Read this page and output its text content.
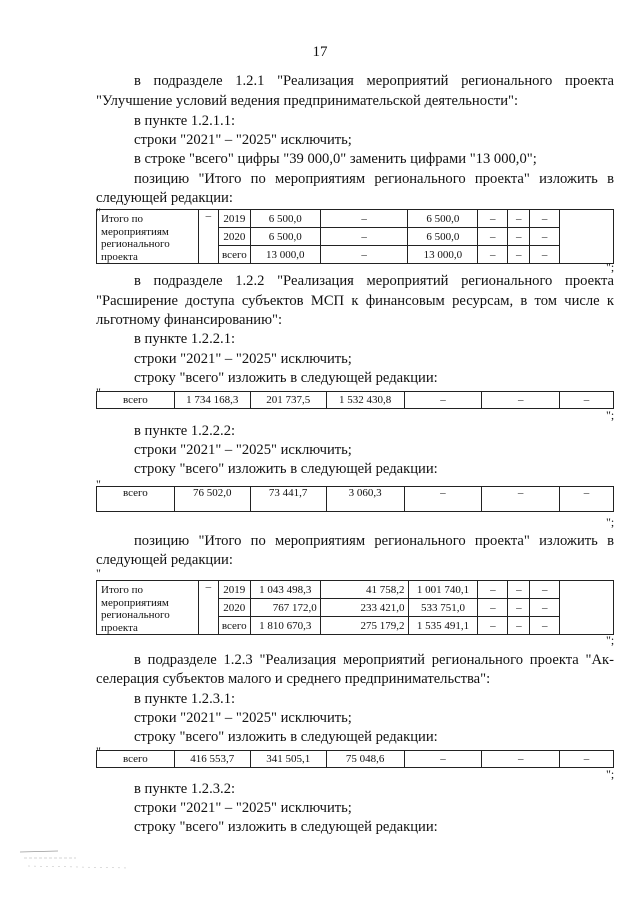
17
в подразделе 1.2.1 "Реализация мероприятий регионального проекта
"Улучшение условий ведения предпринимательской деятельности":
в пункте 1.2.1.1:
строки "2021" – "2025" исключить;
в строке "всего" цифры "39 000,0" заменить цифрами "13 000,0";
позицию "Итого по мероприятиям регионального проекта" изложить в
следующей редакции:
" Итого по мероприятиям регионального проекта	–	2019	6 500,0	–	6 500,0	–	–	–	
		2020	6 500,0	–	6 500,0	–	–	–	
		всего	13 000,0	–	13 000,0	–	–	–	
";
в подразделе 1.2.2 "Реализация мероприятий регионального проекта
"Расширение доступа субъектов МСП к финансовым ресурсам, в том числе к
льготному финансированию":
в пункте 1.2.2.1:
строки "2021" – "2025" исключить;
строку "всего" изложить в следующей редакции:
"
всего	1 734 168,3	201 737,5	1 532 430,8	–	–	–
";
в пункте 1.2.2.2:
строки "2021" – "2025" исключить;
строку "всего" изложить в следующей редакции:
"
всего	76 502,0	73 441,7	3 060,3	–	–	–
";
позицию "Итого по мероприятиям регионального проекта" изложить в
следующей редакции:
"
Итого по мероприятиям регионального проекта	–	2019	1 043 498,3	41 758,2	1 001 740,1	–	–	–	
		2020	767 172,0	233 421,0	533 751,0	–	–	–	
		всего	1 810 670,3	275 179,2	1 535 491,1	–	–	–	
";
в подразделе 1.2.3 "Реализация мероприятий регионального проекта "Ак-
селерация субъектов малого и среднего предпринимательства":
в пункте 1.2.3.1:
строки "2021" – "2025" исключить;
строку "всего" изложить в следующей редакции:
"
всего	416 553,7	341 505,1	75 048,6	–	–	–
";
в пункте 1.2.3.2:
строки "2021" – "2025" исключить;
строку "всего" изложить в следующей редакции:
